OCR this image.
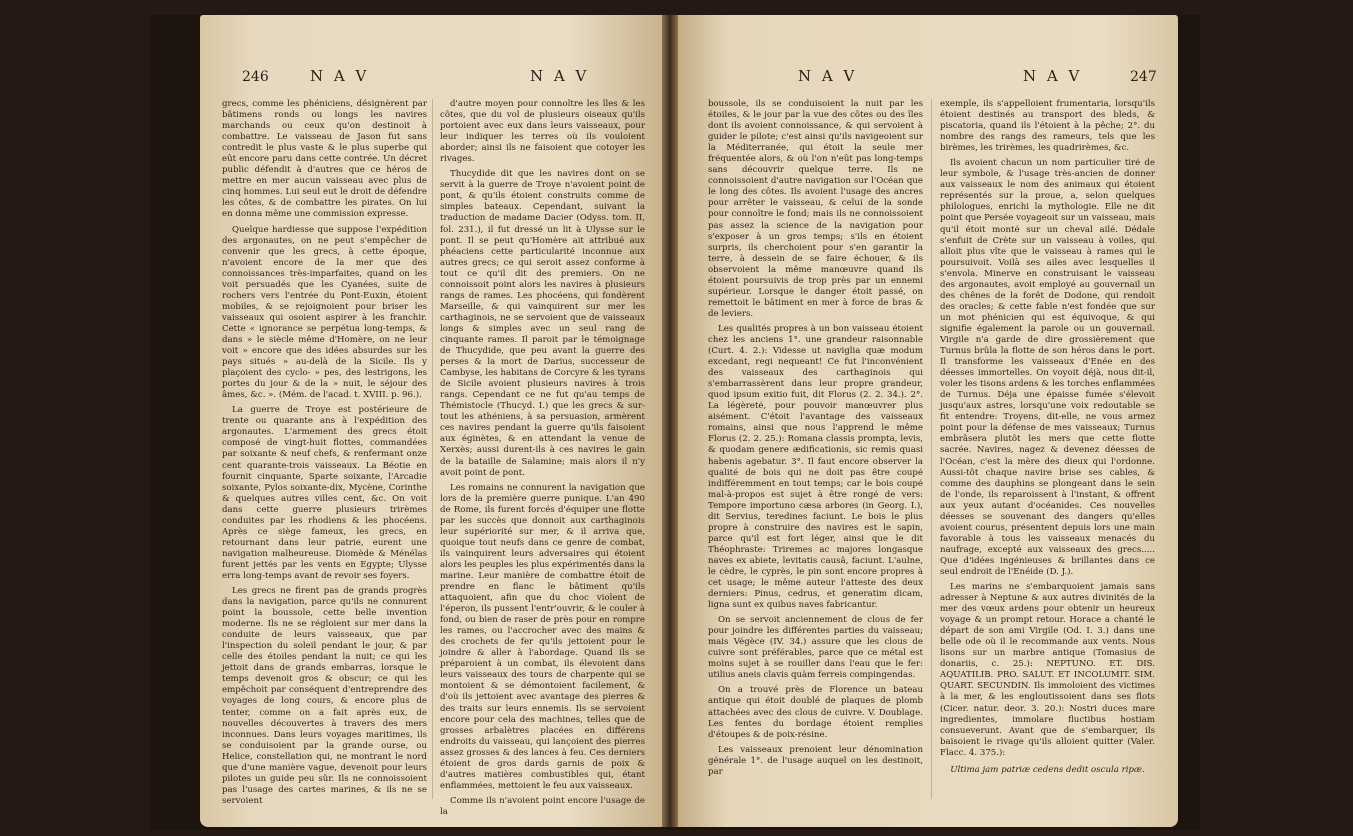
246	N A V	N A V

grecs, comme les phéniciens, désignèrent par bâtimens ronds ou longs les navires marchands ou ceux qu'on destinoit à combattre. Le vaisseau de Jason fut sans contredit le plus vaste & le plus superbe qui eût encore paru dans cette contrée. Un décret public défendit à d'autres que ce héros de mettre en mer aucun vaisseau avec plus de cinq hommes. Lui seul eut le droit de défendre les côtes, & de combattre les pirates. On lui en donna même une commission expresse.

Quelque hardiesse que suppose l'expédition des argonautes, on ne peut s'empêcher de convenir que les grecs, à cette époque, n'avoient encore de la mer que des connoissances très-imparfaites, quand on les voit persuadés que les Cyanées, suite de rochers vers l'entrée du Pont-Euxin, étoient mobiles, & se rejoignoient pour briser les vaisseaux qui osoient aspirer à les franchir. Cette « ignorance se perpétua long-temps, & dans » le siècle même d'Homère, on ne leur voit » encore que des idées absurdes sur les pays situés » au-delà de la Sicile. Ils y plaçoient des cyclo- » pes, des lestrigons, les portes du jour & de la » nuit, le séjour des âmes, &c. ». (Mém. de l'acad. t. XVIII. p. 96.).

La guerre de Troye est postérieure de trente ou quarante ans à l'expédition des argonautes. L'armement des grecs étoit composé de vingt-huit flottes, commandées par soixante & neuf chefs, & renfermant onze cent quarante-trois vaisseaux. La Béotie en fournit cinquante, Sparte soixante, l'Arcadie soixante, Pylos soixante-dix, Mycène, Corinthe & quelques autres villes cent, &c. On voit dans cette guerre plusieurs trirèmes conduites par les rhodiens & les phocéens. Après ce siège fameux, les grecs, en retournant dans leur patrie, eurent une navigation malheureuse. Diomède & Ménélas furent jettés par les vents en Egypte; Ulysse erra long-temps avant de revoir ses foyers.

Les grecs ne firent pas de grands progrès dans la navigation, parce qu'ils ne connurent point la boussole, cette belle invention moderne. Ils ne se régloient sur mer dans la conduite de leurs vaisseaux, que par l'inspection du soleil pendant le jour, & par celle des étoiles pendant la nuit; ce qui les jettoit dans de grands embarras, lorsque le temps devenoit gros & obscur; ce qui les empêchoit par conséquent d'entreprendre des voyages de long cours, & encore plus de tenter, comme on a fait après eux, de nouvelles découvertes à travers des mers inconnues. Dans leurs voyages maritimes, ils se conduisoient par la grande ourse, ou Helice, constellation qui, ne montrant le nord que d'une manière vague, devenoit pour leurs pilotes un guide peu sûr. Ils ne connoissoient pas l'usage des cartes marines, & ils ne se servoient

d'autre moyen pour connoître les îles & les côtes, que du vol de plusieurs oiseaux qu'ils portoient avec eux dans leurs vaisseaux, pour leur indiquer les terres où ils vouloient aborder; ainsi ils ne faisoient que cotoyer les rivages.

Thucydide dit que les navires dont on se servit à la guerre de Troye n'avoient point de pont, & qu'ils étoient construits comme de simples bateaux. Cependant, suivant la traduction de madame Dacier (Odyss. tom. II, fol. 231.), il fut dressé un lit à Ulysse sur le pont. Il se peut qu'Homère ait attribué aux phéaciens cette particularité inconnue aux autres grecs; ce qui seroit assez conforme à tout ce qu'il dit des premiers. On ne connoissoit point alors les navires à plusieurs rangs de rames. Les phocéens, qui fondèrent Marseille, & qui vainquirent sur mer les carthaginois, ne se servoient que de vaisseaux longs & simples avec un seul rang de cinquante rames. Il paroit par le témoignage de Thucydide, que peu avant la guerre des perses & la mort de Darius, successeur de Cambyse, les habitans de Corcyre & les tyrans de Sicile avoient plusieurs navires à trois rangs. Cependant ce ne fut qu'au temps de Thémistocle (Thucyd. I.) que les grecs & sur-tout les athéniens, à sa persuasion, armèrent ces navires pendant la guerre qu'ils faisoient aux éginètes, & en attendant la venue de Xerxès; aussi durent-ils à ces navires le gain de la bataille de Salamine; mais alors il n'y avoit point de pont.

Les romains ne connurent la navigation que lors de la première guerre punique. L'an 490 de Rome, ils furent forcés d'équiper une flotte par les succès que donnoit aux carthaginois leur supériorité sur mer, & il arriva que, quoique tout neufs dans ce genre de combat, ils vainquirent leurs adversaires qui étoient alors les peuples les plus expérimentés dans la marine. Leur manière de combattre étoit de prendre en flanc le bâtiment qu'ils attaquoient, afin que du choc violent de l'éperon, ils pussent l'entr'ouvrir, & le couler à fond, ou bien de raser de près pour en rompre les rames, ou l'accrocher avec des mains & des crochets de fer qu'ils jettoient pour le joindre & aller à l'abordage. Quand ils se préparoient à un combat, ils élevoient dans leurs vaisseaux des tours de charpente qui se montoient & se démontoient facilement, & d'où ils jettoient avec avantage des pierres & des traits sur leurs ennemis. Ils se servoient encore pour cela des machines, telles que de grosses arbalètres placées en différens endroits du vaisseau, qui lançoient des pierres assez grosses & des lances à feu. Ces derniers étoient de gros dards garnis de poix & d'autres matières combustibles qui, étant enflammées, mettoient le feu aux vaisseaux.

Comme ils n'avoient point encore l'usage de la

N A V	N A V	247

boussole, ils se conduisoient la nuit par les étoiles, & le jour par la vue des côtes ou des îles dont ils avoient connoissance, & qui servoient à guider le pilote; c'est ainsi qu'ils navigeoient sur la Méditerranée, qui étoit la seule mer fréquentée alors, & où l'on n'eût pas long-temps sans découvrir quelque terre. Ils ne connoissoient d'autre navigation sur l'Océan que le long des côtes. Ils avoient l'usage des ancres pour arrêter le vaisseau, & celui de la sonde pour connoître le fond; mais ils ne connoissoient pas assez la science de la navigation pour s'exposer à un gros temps; s'ils en étoient surpris, ils cherchoient pour s'en garantir la terre, à dessein de se faire échouer, & ils observoient la même manœuvre quand ils étoient poursuivis de trop près par un ennemi supérieur. Lorsque le danger étoit passé, on remettoit le bâtiment en mer à force de bras & de leviers.

Les qualités propres à un bon vaisseau étoient chez les anciens 1°. une grandeur raisonnable (Curt. 4. 2.): Videsse ut naviglia quæ modum excedant, regi nequeant! Ce fut l'inconvénient des vaisseaux des carthaginois qui s'embarrassèrent dans leur propre grandeur, quod ipsum exitio fuit, dit Florus (2. 2. 34.). 2°. La légèreté, pour pouvoir manœuvrer plus aisément. C'étoit l'avantage des vaisseaux romains, ainsi que nous l'apprend le même Florus (2. 2. 25.): Romana classis prompta, levis, & quodam genere ædificationis, sic remis quasi habenis agebatur. 3°. Il faut encore observer la qualité de bois qui ne doit pas être coupé indifféremment en tout temps; car le bois coupé mal-à-propos est sujet à être rongé de vers: Tempore importuno cæsa arbores (in Georg. I.), dit Servius, teredines faciunt. Le bois le plus propre à construire des navires est le sapin, parce qu'il est fort léger, ainsi que le dit Théophraste: Triremes ac majores longasque naves ex abiete, levitatis causâ, faciunt. L'aulne, le cèdre, le cyprès, le pin sont encore propres à cet usage; le même auteur l'atteste des deux derniers: Pinus, cedrus, et generatim dicam, ligna sunt ex quibus naves fabricantur.

On se servoit anciennement de clous de fer pour joindre les différentes parties du vaisseau; mais Végèce (IV. 34.) assure que les clous de cuivre sont préférables, parce que ce métal est moins sujet à se rouiller dans l'eau que le fer: utilius aneis clavis quàm ferreis compingendas.

On a trouvé près de Florence un bateau antique qui étoit doublé de plaques de plomb attachées avec des clous de cuivre. V. Doublage. Les fentes du bordage étoient remplies d'étoupes & de poix-résine.

Les vaisseaux prenoient leur dénomination générale 1°. de l'usage auquel on les destinoit, par

exemple, ils s'appelloient frumentaria, lorsqu'ils étoient destinés au transport des bleds, & piscatoria, quand ils l'étoient à la pêche; 2°. du nombre des rangs des rameurs, tels que les birèmes, les trirèmes, les quadrirèmes, &c.

Ils avoient chacun un nom particulier tiré de leur symbole, & l'usage très-ancien de donner aux vaisseaux le nom des animaux qui étoient représentés sur la proue, a, selon quelques philologues, enrichi la mythologie. Elle ne dit point que Persée voyageoit sur un vaisseau, mais qu'il étoit monté sur un cheval ailé. Dédale s'enfuit de Crète sur un vaisseau à voiles, qui alloit plus vîte que le vaisseau à rames qui le poursuivoit. Voilà ses ailes avec lesquelles il s'envola. Minerve en construisant le vaisseau des argonautes, avoit employé au gouvernail un des chênes de la forêt de Dodone, qui rendoit des oracles; & cette fable n'est fondée que sur un mot phénicien qui est équivoque, & qui signifie également la parole ou un gouvernail. Virgile n'a garde de dire grossièrement que Turnus brûla la flotte de son héros dans le port. Il transforme les vaisseaux d'Enée en des déesses immortelles. On voyoit déjà, nous dit-il, voler les tisons ardens & les torches enflammées de Turnus. Déja une épaisse fumée s'élevoit jusqu'aux astres, lorsqu'une voix redoutable se fit entendre: Troyens, dit-elle, ne vous armez point pour la défense de mes vaisseaux; Turnus embrâsera plutôt les mers que cette flotte sacrée. Navires, nagez & devenez déesses de l'Océan, c'est la mère des dieux qui l'ordonne. Aussi-tôt chaque navire brise ses cables, & comme des dauphins se plongeant dans le sein de l'onde, ils reparoissent à l'instant, & offrent aux yeux autant d'océanides. Ces nouvelles déesses se souvenant des dangers qu'elles avoient courus, présentent depuis lors une main favorable à tous les vaisseaux menacés du naufrage, excepté aux vaisseaux des grecs..... Que d'idées ingénieuses & brillantes dans ce seul endroit de l'Enéide (D. J.).

Les marins ne s'embarquoient jamais sans adresser à Neptune & aux autres divinités de la mer des vœux ardens pour obtenir un heureux voyage & un prompt retour. Horace a chanté le départ de son ami Virgile (Od. I. 3.) dans une belle ode où il le recommande aux vents. Nous lisons sur un marbre antique (Tomasius de donariis, c. 25.): NEPTUNO. ET. DIS. AQUATILIB. PRO. SALUT. ET INCOLUMIT. SIM. QUART. SECUNDIN. Ils immoloient des victimes à la mer, & les engloutissoient dans ses flots (Cicer. natur. deor. 3. 20.): Nostri duces mare ingredientes, immolare fluctibus hostiam consueverunt. Avant que de s'embarquer, ils baisoient le rivage qu'ils alloient quitter (Valer. Flacc. 4. 375.):

Ultima jam patriæ cedens dedit oscula ripæ.
